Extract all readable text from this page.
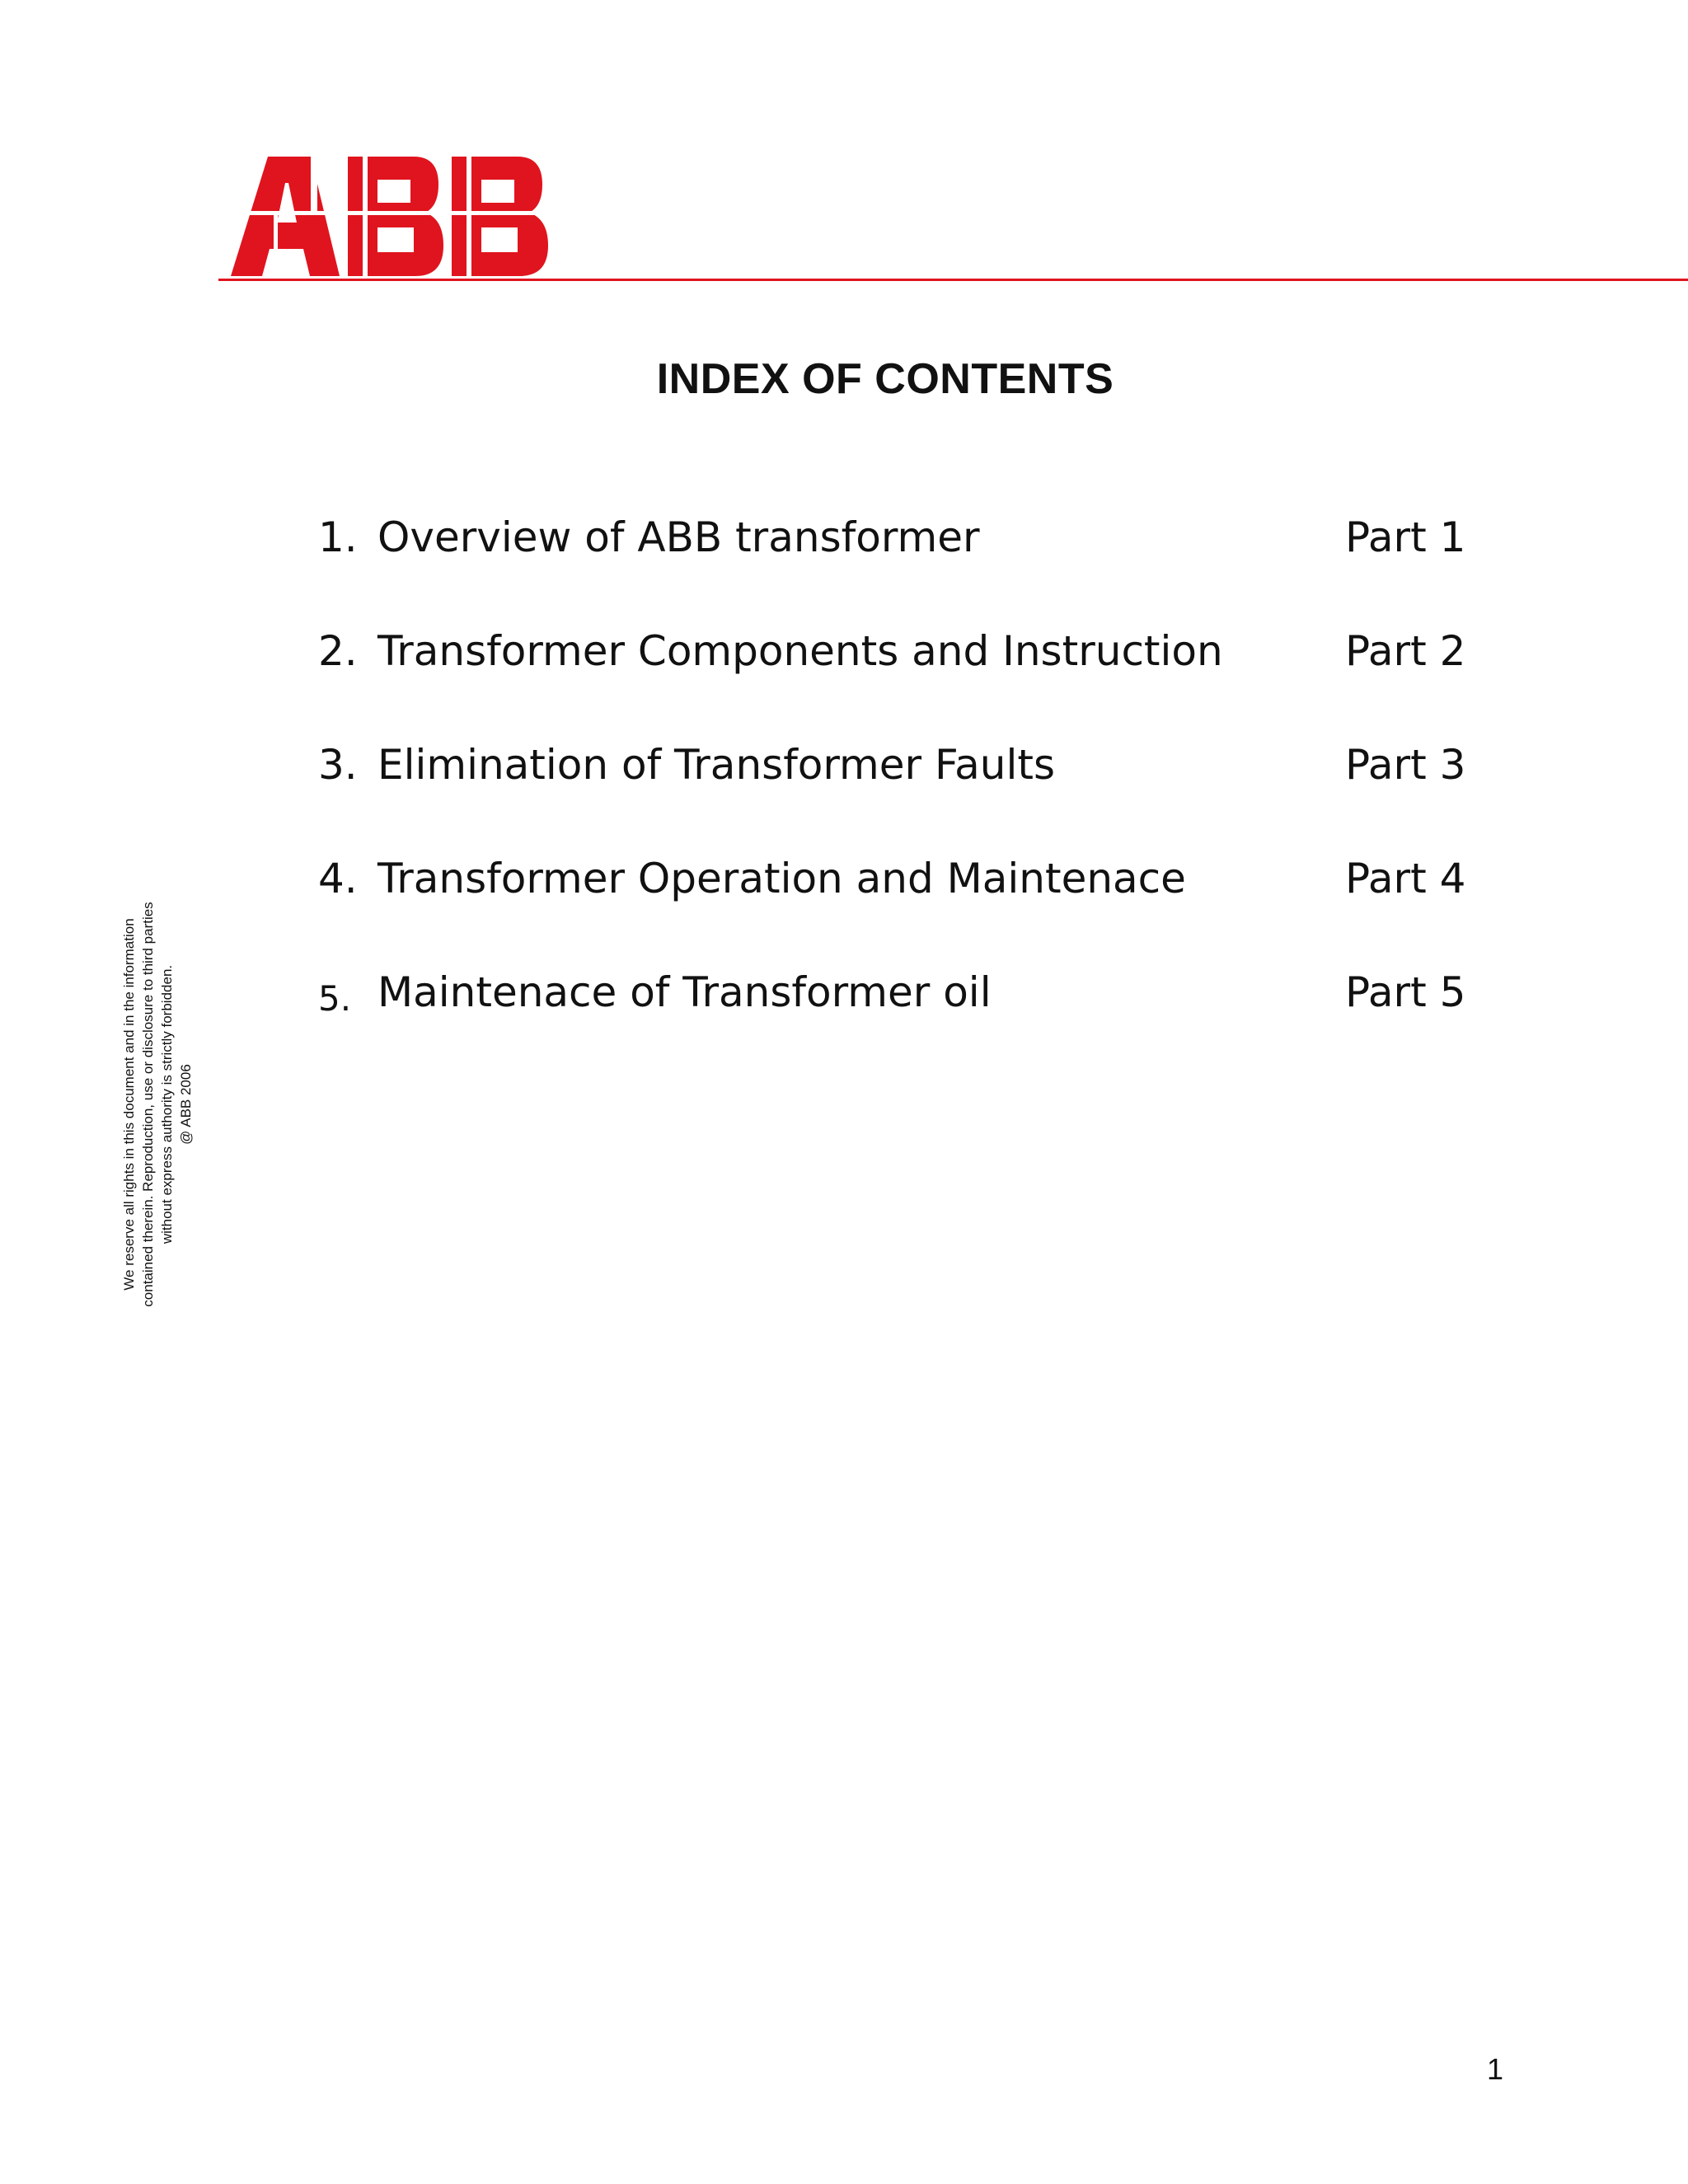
INDEX OF CONTENTS
1. Overview of ABB transformer	Part 1
2. Transformer Components and Instruction	Part 2
3. Elimination of Transformer Faults	Part 3
4. Transformer Operation and Maintenace	Part 4
5. Maintenace of Transformer oil	Part 5
We reserve all rights in this document and in the information contained therein. Reproduction, use or disclosure to third parties without express authority is strictly forbidden. @ ABB 2006
1
